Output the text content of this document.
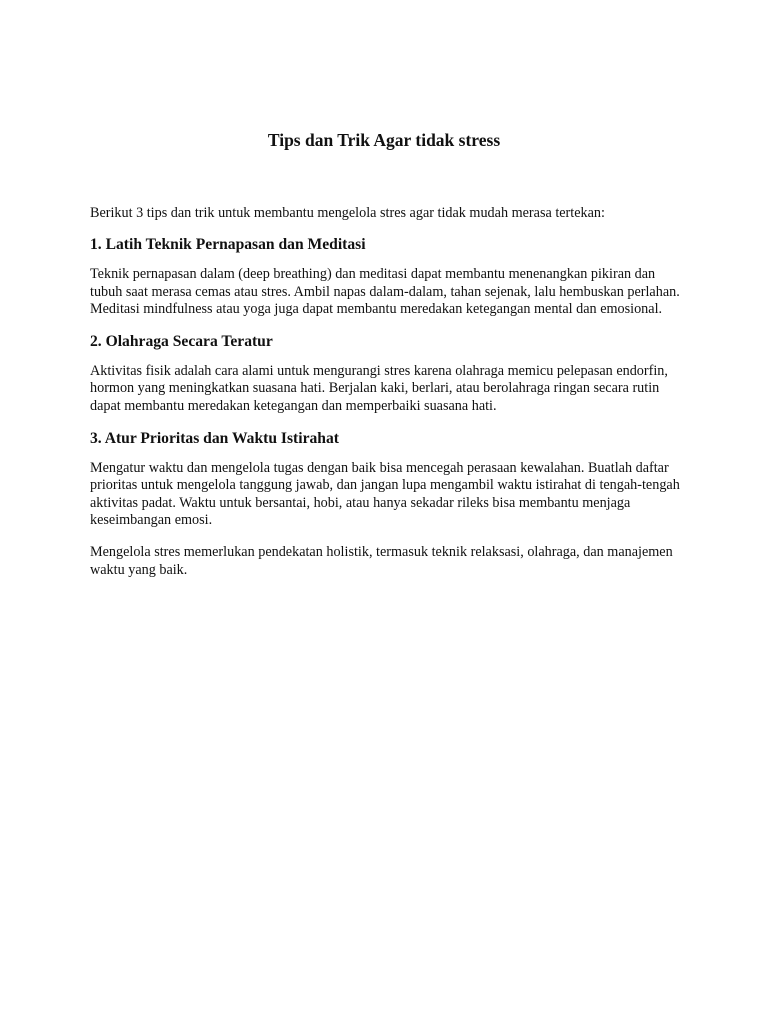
Tips dan Trik Agar tidak stress

Berikut 3 tips dan trik untuk membantu mengelola stres agar tidak mudah merasa tertekan:

1. Latih Teknik Pernapasan dan Meditasi

Teknik pernapasan dalam (deep breathing) dan meditasi dapat membantu menenangkan pikiran dan tubuh saat merasa cemas atau stres. Ambil napas dalam-dalam, tahan sejenak, lalu hembuskan perlahan. Meditasi mindfulness atau yoga juga dapat membantu meredakan ketegangan mental dan emosional.

2. Olahraga Secara Teratur

Aktivitas fisik adalah cara alami untuk mengurangi stres karena olahraga memicu pelepasan endorfin, hormon yang meningkatkan suasana hati. Berjalan kaki, berlari, atau berolahraga ringan secara rutin dapat membantu meredakan ketegangan dan memperbaiki suasana hati.

3. Atur Prioritas dan Waktu Istirahat

Mengatur waktu dan mengelola tugas dengan baik bisa mencegah perasaan kewalahan. Buatlah daftar prioritas untuk mengelola tanggung jawab, dan jangan lupa mengambil waktu istirahat di tengah-tengah aktivitas padat. Waktu untuk bersantai, hobi, atau hanya sekadar rileks bisa membantu menjaga keseimbangan emosi.

Mengelola stres memerlukan pendekatan holistik, termasuk teknik relaksasi, olahraga, dan manajemen waktu yang baik.
